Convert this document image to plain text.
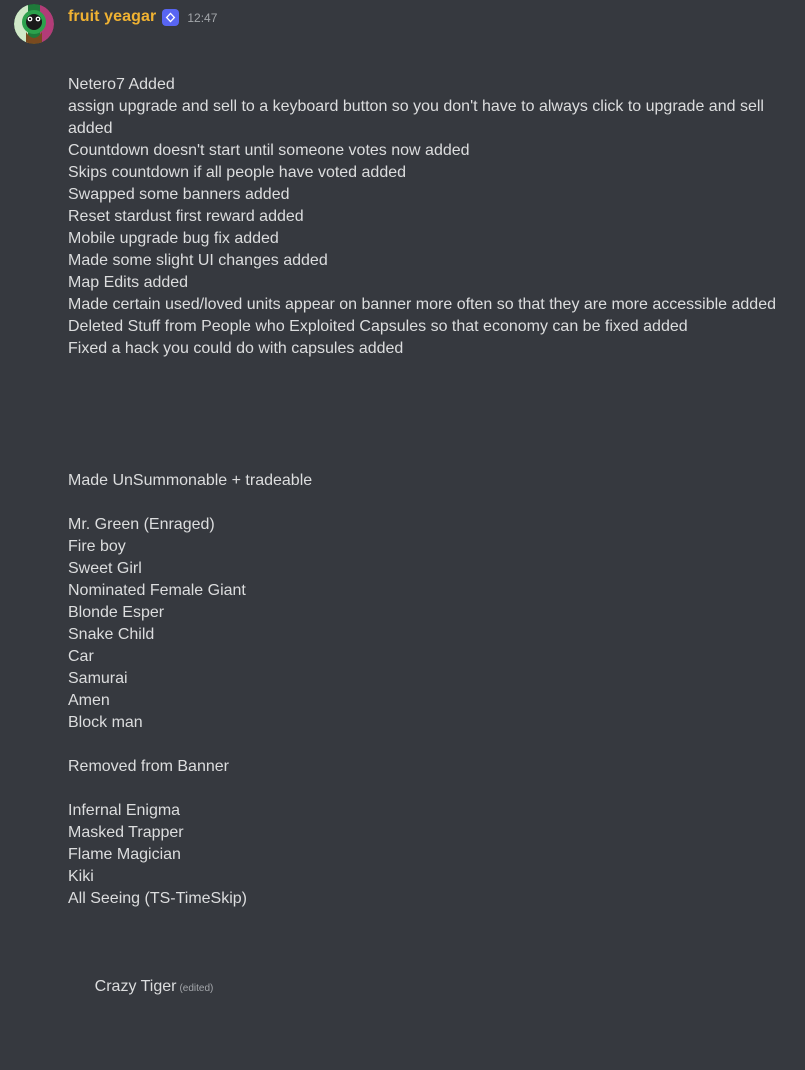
fruit yeagar	12:47

Netero7 Added
assign upgrade and sell to a keyboard button so you don't have to always click to upgrade and sell added
Countdown doesn't start until someone votes now added
Skips countdown if all people have voted added
Swapped some banners added
Reset stardust first reward added
Mobile upgrade bug fix added
Made some slight UI changes added
Map Edits added
Made certain used/loved units appear on banner more often so that they are more accessible added
Deleted Stuff from People who Exploited Capsules so that economy can be fixed added
Fixed a hack you could do with capsules added
Made UnSummonable + tradeable
Mr. Green (Enraged)
Fire boy
Sweet Girl
Nominated Female Giant
Blonde Esper
Snake Child
Car
Samurai
Amen
Block man
Removed from Banner
Infernal Enigma
Masked Trapper
Flame Magician
Kiki
All Seeing (TS-TimeSkip)

Crazy Tiger (edited)
